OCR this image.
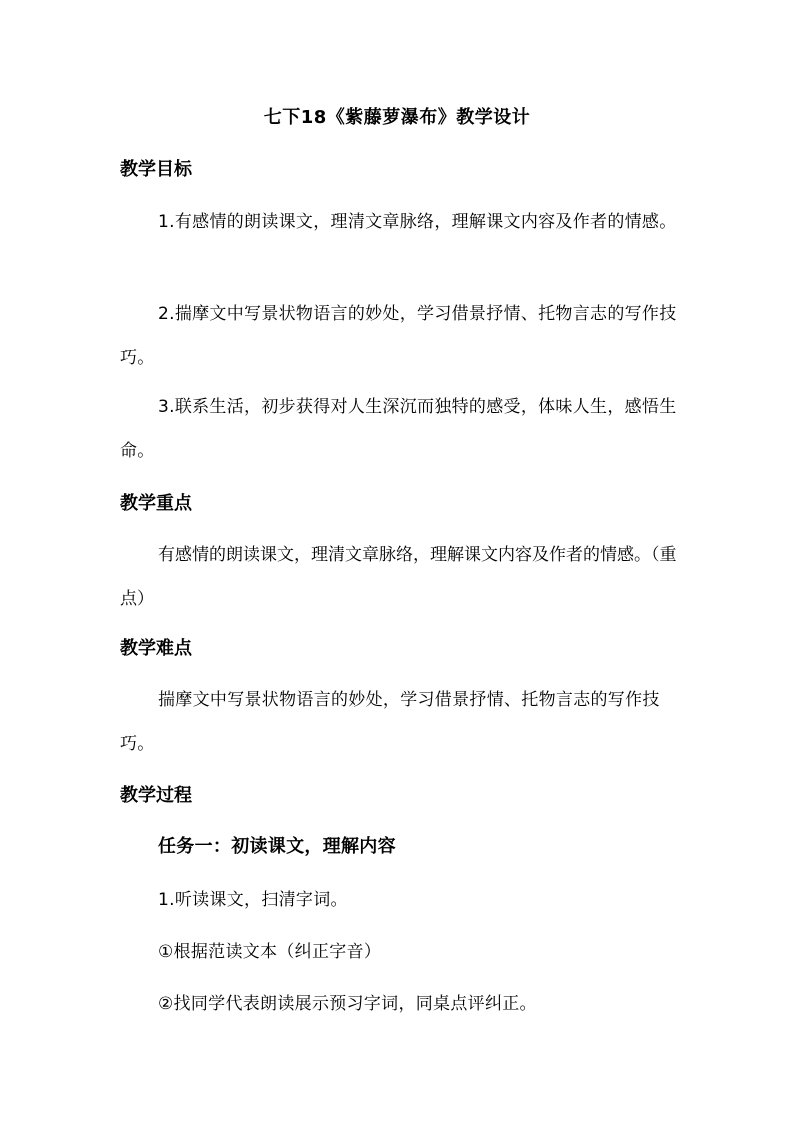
七下18《紫藤萝瀑布》教学设计
教学目标

1.有感情的朗读课文，理清文章脉络，理解课文内容及作者的情感。

2.揣摩文中写景状物语言的妙处，学习借景抒情、托物言志的写作技巧。

3.联系生活，初步获得对人生深沉而独特的感受，体味人生，感悟生命。

教学重点

有感情的朗读课文，理清文章脉络，理解课文内容及作者的情感。（重点）

教学难点

揣摩文中写景状物语言的妙处，学习借景抒情、托物言志的写作技巧。

教学过程

任务一：初读课文，理解内容

1.听读课文，扫清字词。

①根据范读文本（纠正字音）

②找同学代表朗读展示预习字词，同桌点评纠正。
